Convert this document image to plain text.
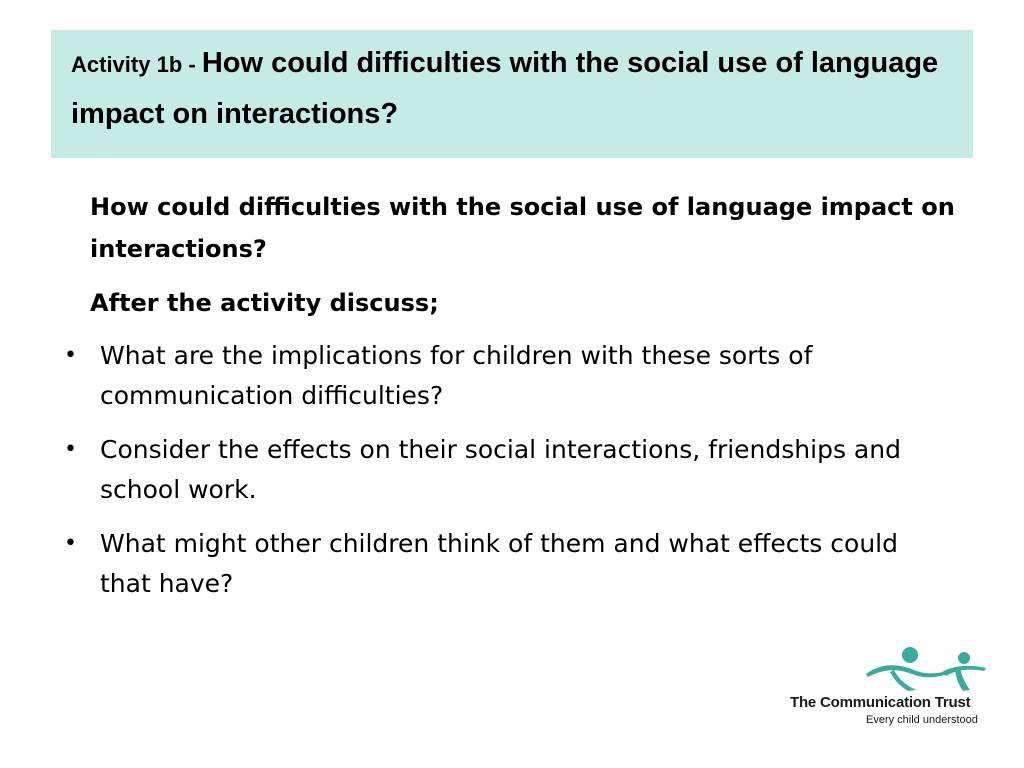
Activity 1b - How could difficulties with the social use of language impact on interactions?

How could difficulties with the social use of language impact on interactions?

After the activity discuss;

• What are the implications for children with these sorts of communication difficulties?
• Consider the effects on their social interactions, friendships and school work.
• What might other children think of them and what effects could that have?
The Communication Trust
Every child understood
